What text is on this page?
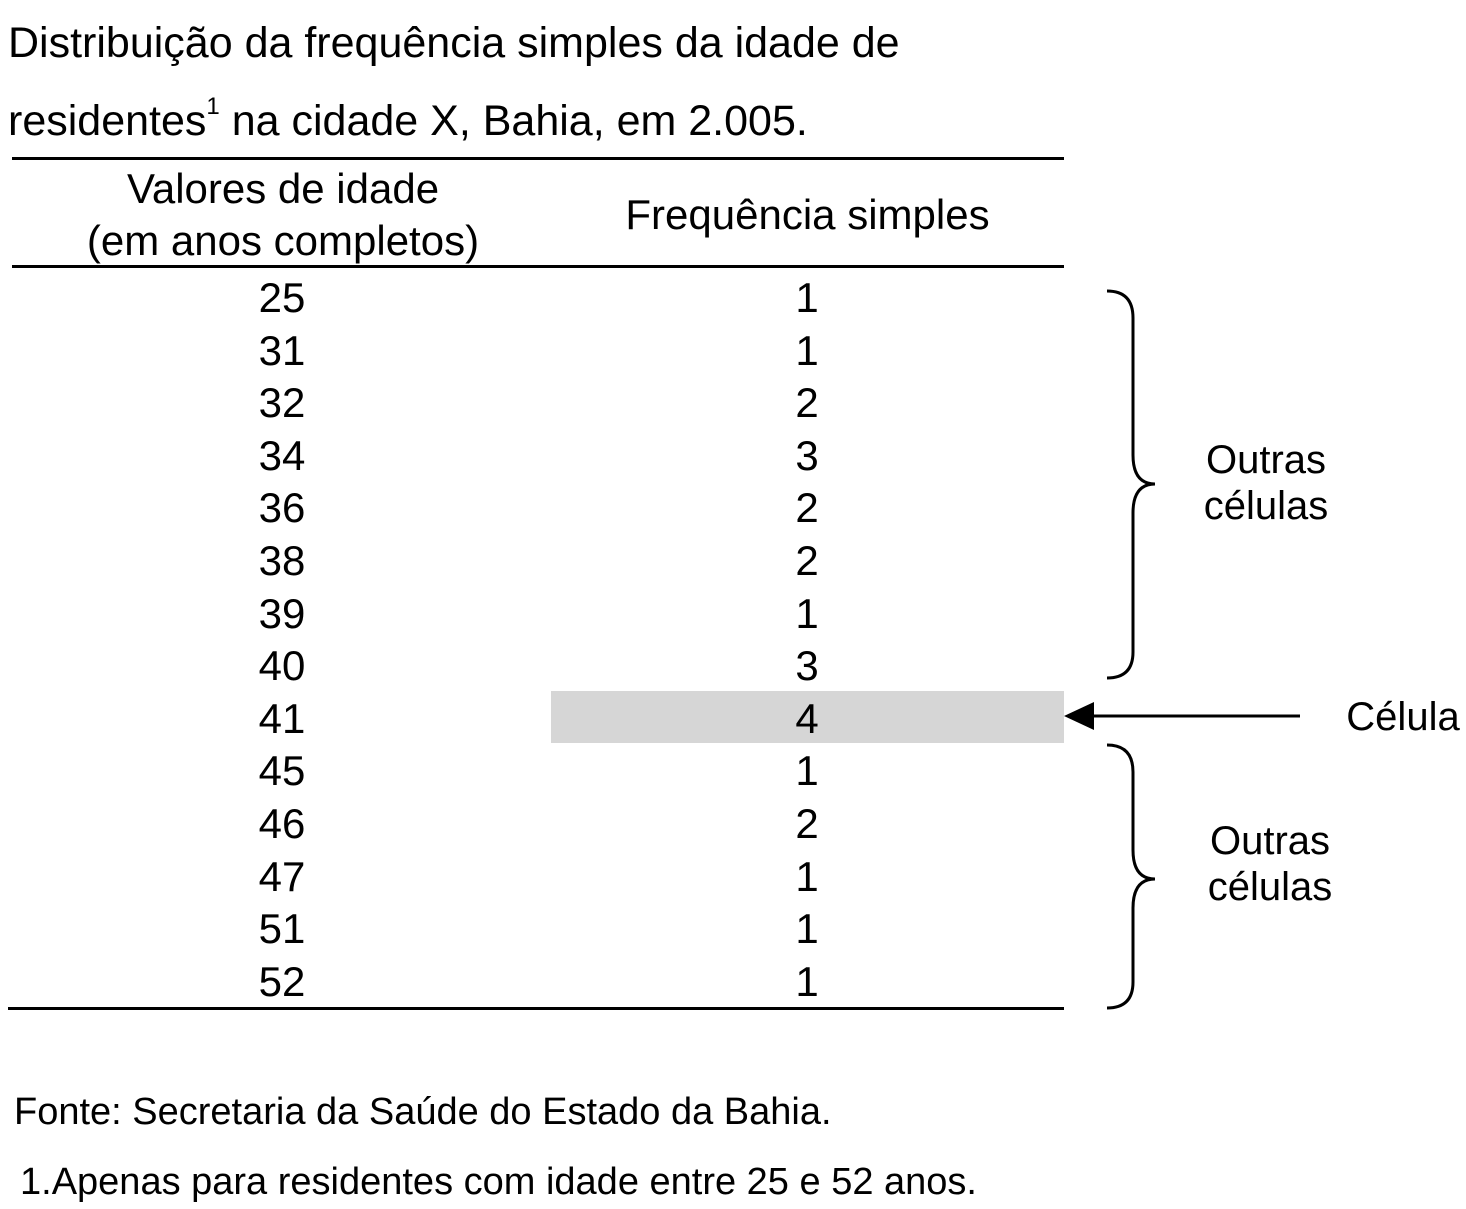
Distribuição da frequência simples da idade de
residentes$^1$ na cidade X, Bahia, em 2.005.

Valores de idade
(em anos completos)
Frequência simples
25	1
31	1
32	2
34	3
36	2
38	2
39	1
40	3
41	4
45	1
46	2
47	1
51	1
52	1
Outras
células
Outras
células
Célula
Fonte: Secretaria da Saúde do Estado da Bahia.
1.Apenas para residentes com idade entre 25 e 52 anos.
